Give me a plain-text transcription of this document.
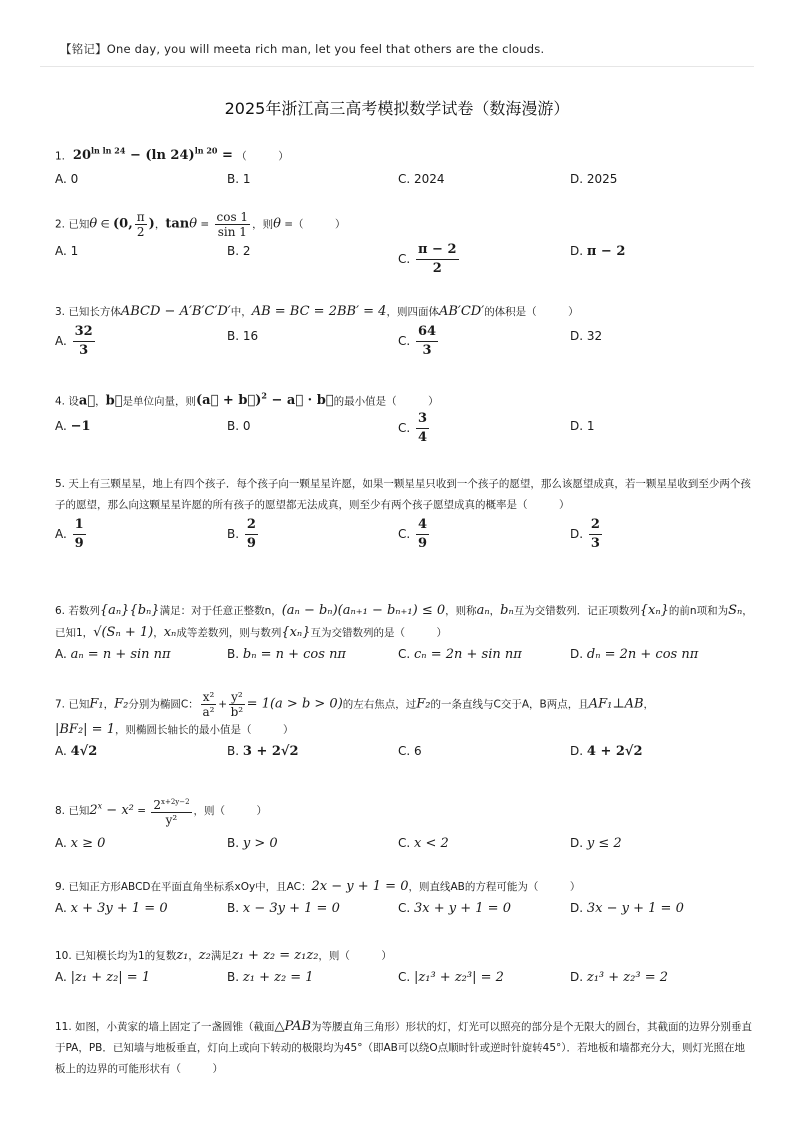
【铭记】One day, you will meeta rich man, let you feel that others are the clouds.
2025年浙江高三高考模拟数学试卷（数海漫游）
1.  $20^{ln ln 24} - (\ln$ 24)$^{ln 20}$ = （　　　）
A. 0	B. 1	C. 2024	D. 2025
2. 已知θ ∈ (0, $\frac{\pi}{2}$ )，$\tan\theta = \frac{\cos 1}{\sin 1}$ ，则θ =（　　　）
A. 1	B. 2
C. $\frac{\pi - 2}{2}$	D. π − 2
3. 已知长方体ABCD − A′B′C′D′中，AB = BC = 2BB′ = 4，则四面体AB′CD′的体积是（　　　）
A. $\frac{32}{3}$	B. 16	C. $\frac{64}{3}$	D. 32
4. 设a⃗，b⃗是单位向量，则(a⃗ + b⃗)$^2$ − a⃗ · b⃗的最小值是（　　　）
A. −1	B. 0	C. $\frac{3}{4}$	D. 1
5. 天上有三颗星星，地上有四个孩子．每个孩子向一颗星星许愿，如果一颗星星只收到一个孩子的愿望，那么该愿望成真，若一颗星星收到至少两个孩子的愿望，那么向这颗星星许愿的所有孩子的愿望都无法成真，则至少有两个孩子愿望成真的概率是（　　　）
A. $\frac{1}{9}$	B. $\frac{2}{9}$	C. $\frac{4}{9}$	D. $\frac{2}{3}$
6. 若数列{aₙ}{bₙ}满足：对于任意正整数n，(aₙ − bₙ)(aₙ₊₁ − bₙ₊₁) ≤ 0，则称aₙ，bₙ互为交错数列．记正项数列{xₙ}的前n项和为Sₙ，已知1，√(Sₙ + 1)，xₙ成等差数列，则与数列{xₙ}互为交错数列的是（　　　）
A. aₙ = n + sin nπ	B. bₙ = n + cos nπ	C. cₙ = 2n + sin nπ	D. dₙ = 2n + cos nπ
7. 已知F₁，F₂分别为椭圆C： $\frac{\text{x²}}{\text{a²}} + \frac{\text{y²}}{\text{b²}} = 1(a > b > 0)$的左右焦点，过F₂的一条直线与C交于A，B两点，且AF₁⊥AB，
|BF₂| = 1，则椭圆长轴长的最小值是（　　　）
A. 4√2	B. 3 + 2√2	C. 6	D. 4 + 2√2
8. 已知$2^x - x^2 = \frac{2^{x+2y-2}}{\text{y²}}$ ，则（　　　）
A. x ≥ 0	B. y > 0	C. x < 2	D. y ≤ 2
9. 已知正方形ABCD在平面直角坐标系xOy中，且AC：2x − y + 1 = 0，则直线AB的方程可能为（　　　）
A. x + 3y + 1 = 0	B. x − 3y + 1 = 0	C. 3x + y + 1 = 0	D. 3x − y + 1 = 0
10. 已知模长均为1的复数z₁，z₂满足z₁ + z₂ = z₁z₂，则（　　　）
A. |z₁ + z₂| = 1	B. z₁ + z₂ = 1	C. |z₁³ + z₂³| = 2	D. z₁³ + z₂³ = 2
11. 如图，小黄家的墙上固定了一盏圆锥（截面△PAB为等腰直角三角形）形状的灯，灯光可以照亮的部分是个无限大的圆台，其截面的边界分别垂直于PA，PB．已知墙与地板垂直，灯向上或向下转动的极限均为45°（即AB可以绕O点顺时针或逆时针旋转45°）．若地板和墙都充分大，则灯光照在地板上的边界的可能形状有（　　　）
